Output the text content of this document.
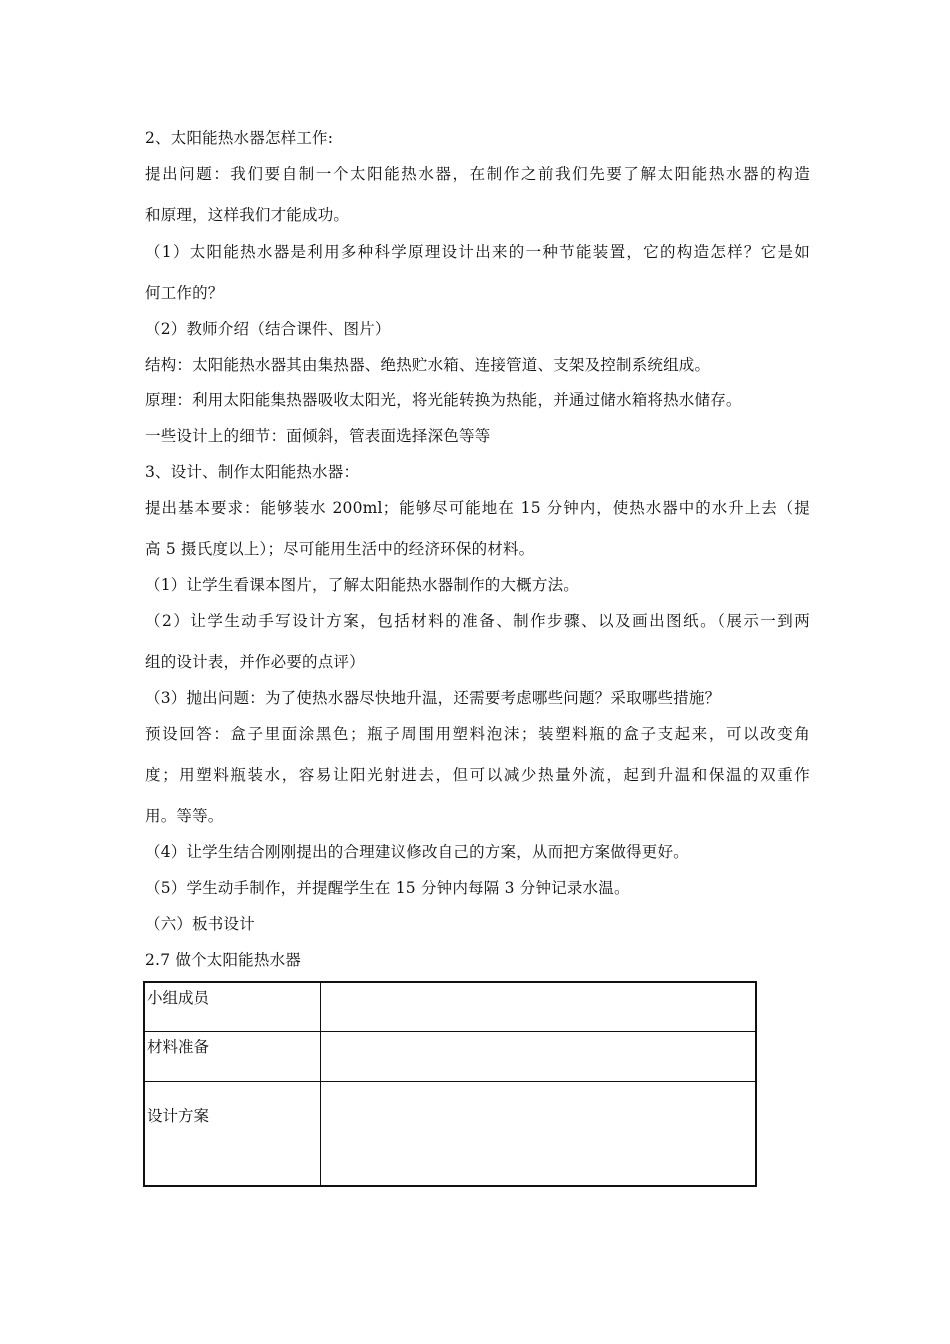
2、太阳能热水器怎样工作:
提出问题：我们要自制一个太阳能热水器，在制作之前我们先要了解太阳能热水器的构造
和原理，这样我们才能成功。
（1）太阳能热水器是利用多种科学原理设计出来的一种节能装置，它的构造怎样？它是如
何工作的？
（2）教师介绍（结合课件、图片）
结构：太阳能热水器其由集热器、绝热贮水箱、连接管道、支架及控制系统组成。
原理：利用太阳能集热器吸收太阳光，将光能转换为热能，并通过储水箱将热水储存。
一些设计上的细节：面倾斜，管表面选择深色等等
3、设计、制作太阳能热水器：
提出基本要求：能够装水 200ml；能够尽可能地在 15 分钟内，使热水器中的水升上去（提
高 5 摄氏度以上）；尽可能用生活中的经济环保的材料。
（1）让学生看课本图片，了解太阳能热水器制作的大概方法。
（2）让学生动手写设计方案，包括材料的准备、制作步骤、以及画出图纸。（展示一到两
组的设计表，并作必要的点评）
（3）抛出问题：为了使热水器尽快地升温，还需要考虑哪些问题？采取哪些措施？
预设回答：盒子里面涂黑色；瓶子周围用塑料泡沫；装塑料瓶的盒子支起来，可以改变角
度；用塑料瓶装水，容易让阳光射进去，但可以减少热量外流，起到升温和保温的双重作
用。等等。
（4）让学生结合刚刚提出的合理建议修改自己的方案，从而把方案做得更好。
（5）学生动手制作，并提醒学生在 15 分钟内每隔 3 分钟记录水温。
（六）板书设计
2.7 做个太阳能热水器
小组成员	
材料准备	
设计方案	
